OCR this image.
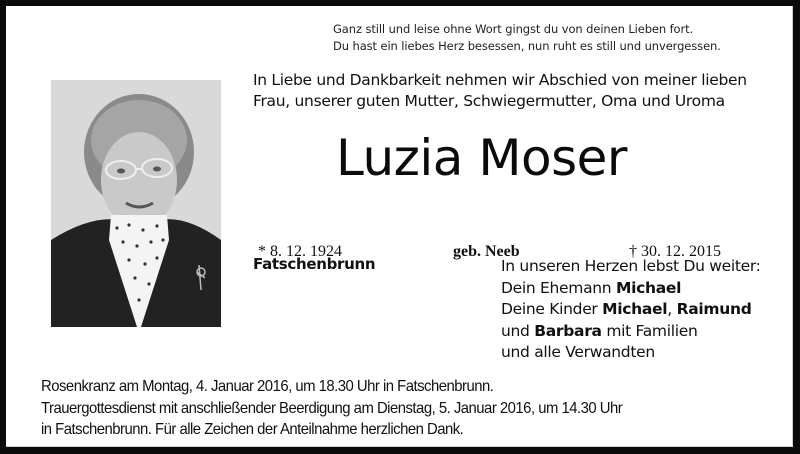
Ganz still und leise ohne Wort gingst du von deinen Lieben fort.
Du hast ein liebes Herz besessen, nun ruht es still und unvergessen.
In Liebe und Dankbarkeit nehmen wir Abschied von meiner lieben
Frau, unserer guten Mutter, Schwiegermutter, Oma und Uroma
Luzia Moser
* 8. 12. 1924	geb. Neeb	† 30. 12. 2015
Fatschenbrunn	In unseren Herzen lebst Du weiter:
Dein Ehemann Michael
Deine Kinder Michael, Raimund
und Barbara mit Familien
und alle Verwandten
Rosenkranz am Montag, 4. Januar 2016, um 18.30 Uhr in Fatschenbrunn.
Trauergottesdienst mit anschließender Beerdigung am Dienstag, 5. Januar 2016, um 14.30 Uhr
in Fatschenbrunn. Für alle Zeichen der Anteilnahme herzlichen Dank.
